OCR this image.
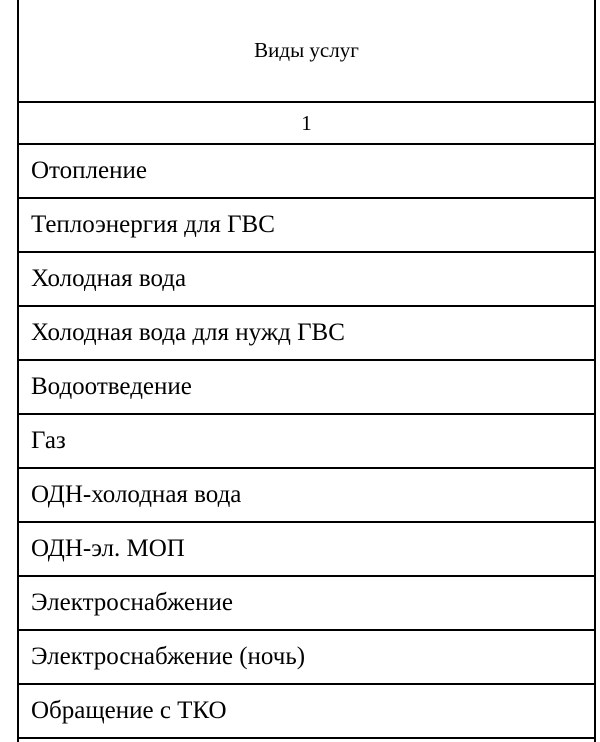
Виды услуг
1
Отопление
Теплоэнергия для ГВС
Холодная вода
Холодная вода для нужд ГВС
Водоотведение
Газ
ОДН-холодная вода
ОДН-эл. МОП
Электроснабжение
Электроснабжение (ночь)
Обращение с ТКО
